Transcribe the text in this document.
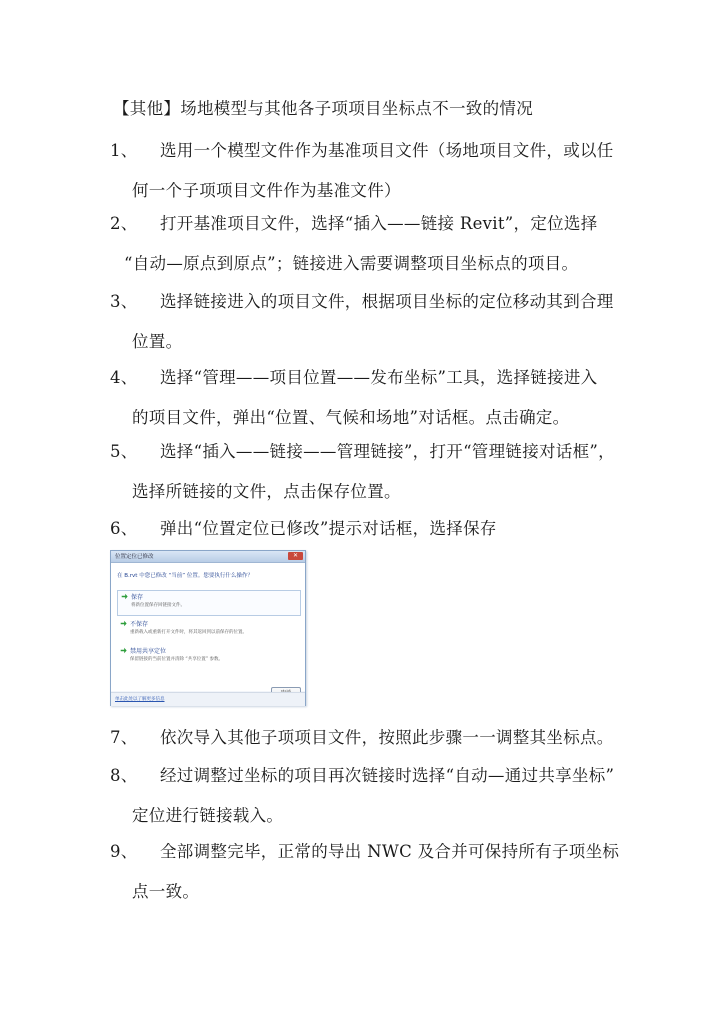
【其他】场地模型与其他各子项项目坐标点不一致的情况
1、	选用一个模型文件作为基准项目文件（场地项目文件，或以任
何一个子项项目文件作为基准文件）
2、	打开基准项目文件，选择“插入——链接 Revit”，定位选择
“自动—原点到原点”；链接进入需要调整项目坐标点的项目。
3、	选择链接进入的项目文件，根据项目坐标的定位移动其到合理
位置。
4、	选择“管理——项目位置——发布坐标”工具，选择链接进入
的项目文件，弹出“位置、气候和场地”对话框。点击确定。
5、	选择“插入——链接——管理链接”，打开“管理链接对话框”，
选择所链接的文件，点击保存位置。
6、	弹出“位置定位已修改”提示对话框，选择保存
位置定位已修改	✕
在 B.rvt 中您已修改 “当前” 位置。您要执行什么操作？
保存
将新位置保存回链接文件。
不保存
重新载入或重新打开文件时，将其返回到以前保存的位置。
禁用共享定位
保留链接的当前位置并清除 “共享位置” 参数。
单击此处以了解更多信息
7、	依次导入其他子项项目文件，按照此步骤一一调整其坐标点。
8、	经过调整过坐标的项目再次链接时选择“自动—通过共享坐标”
定位进行链接载入。
9、	全部调整完毕，正常的导出 NWC 及合并可保持所有子项坐标
点一致。
